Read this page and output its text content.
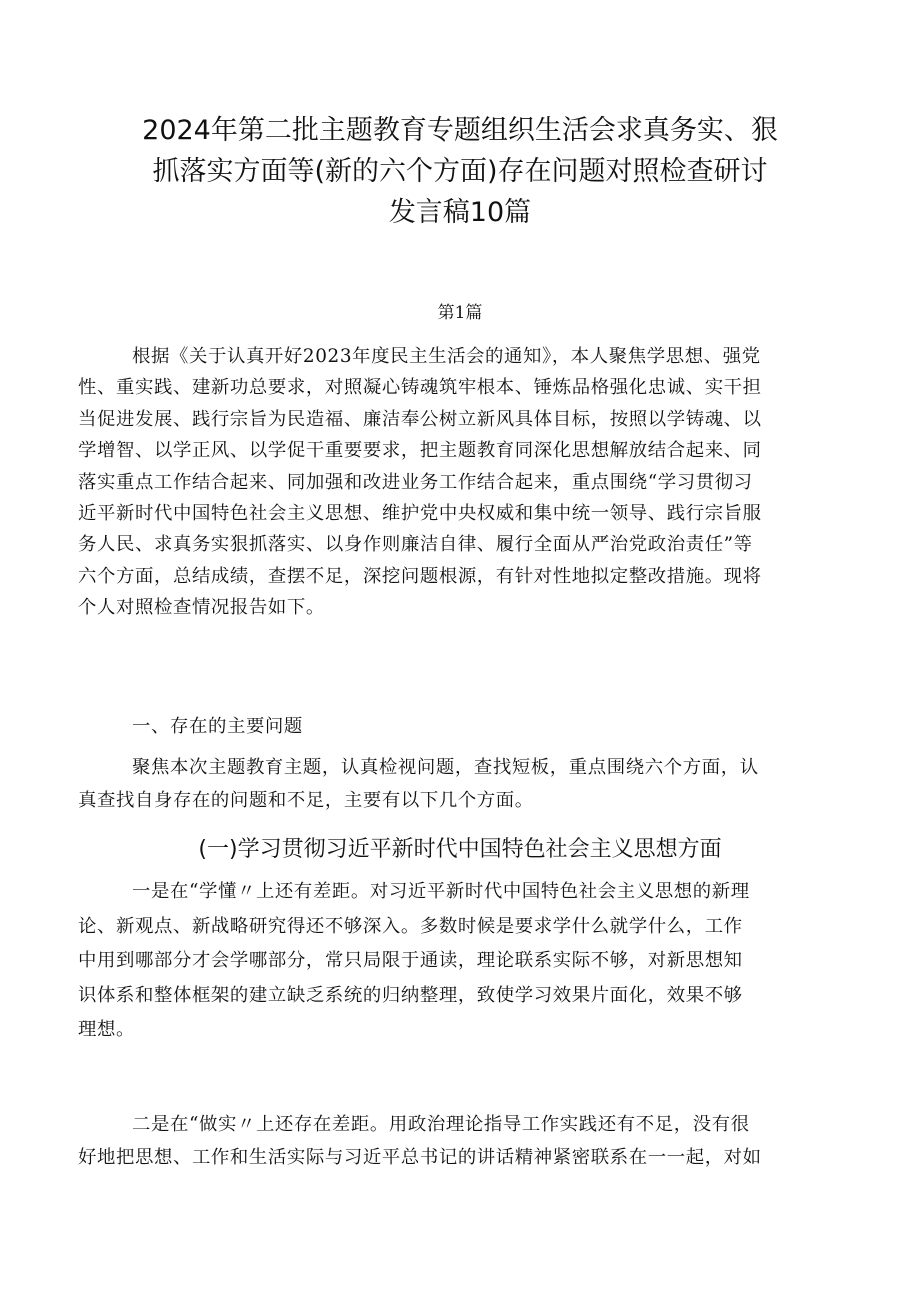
2024年第二批主题教育专题组织生活会求真务实、狠
抓落实方面等(新的六个方面)存在问题对照检查研讨
发言稿10篇
第1篇

根据《关于认真开好2023年度民主生活会的通知》，本人聚焦学思想、强党
性、重实践、建新功总要求，对照凝心铸魂筑牢根本、锤炼品格强化忠诚、实干担
当促进发展、践行宗旨为民造福、廉洁奉公树立新风具体目标，按照以学铸魂、以
学增智、以学正风、以学促干重要要求，把主题教育同深化思想解放结合起来、同
落实重点工作结合起来、同加强和改进业务工作结合起来，重点围绕“学习贯彻习
近平新时代中国特色社会主义思想、维护党中央权威和集中统一领导、践行宗旨服
务人民、求真务实狠抓落实、以身作则廉洁自律、履行全面从严治党政治责任”等
六个方面，总结成绩，查摆不足，深挖问题根源，有针对性地拟定整改措施。现将
个人对照检查情况报告如下。

一、存在的主要问题

聚焦本次主题教育主题，认真检视问题，查找短板，重点围绕六个方面，认
真查找自身存在的问题和不足，主要有以下几个方面。

(一)学习贯彻习近平新时代中国特色社会主义思想方面

一是在“学懂〃上还有差距。对习近平新时代中国特色社会主义思想的新理
论、新观点、新战略研究得还不够深入。多数时候是要求学什么就学什么，工作
中用到哪部分才会学哪部分，常只局限于通读，理论联系实际不够，对新思想知
识体系和整体框架的建立缺乏系统的归纳整理，致使学习效果片面化，效果不够
理想。

二是在“做实〃上还存在差距。用政治理论指导工作实践还有不足，没有很
好地把思想、工作和生活实际与习近平总书记的讲话精神紧密联系在一一起，对如
